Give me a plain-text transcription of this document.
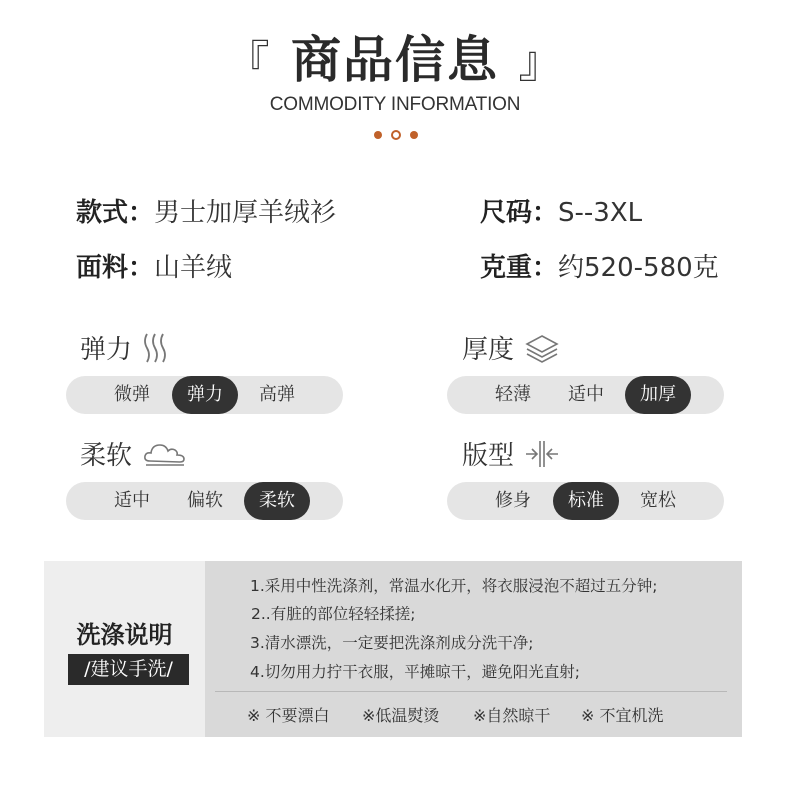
『 商品信息 』
COMMODITY INFORMATION
款式：男士加厚羊绒衫	尺码：S--3XL
面料：山羊绒	克重：约520-580克
弹力
微弹	弹力	高弹
厚度
轻薄	适中	加厚
柔软
适中	偏软	柔软
版型
修身	标准	宽松
洗涤说明
/建议手洗/
1.采用中性洗涤剂，常温水化开，将衣服浸泡不超过五分钟;
2..有脏的部位轻轻揉搓;
3.清水漂洗，一定要把洗涤剂成分洗干净;
4.切勿用力拧干衣服，平摊晾干，避免阳光直射;
※ 不要漂白 ※低温熨烫 ※自然晾干 ※ 不宜机洗
